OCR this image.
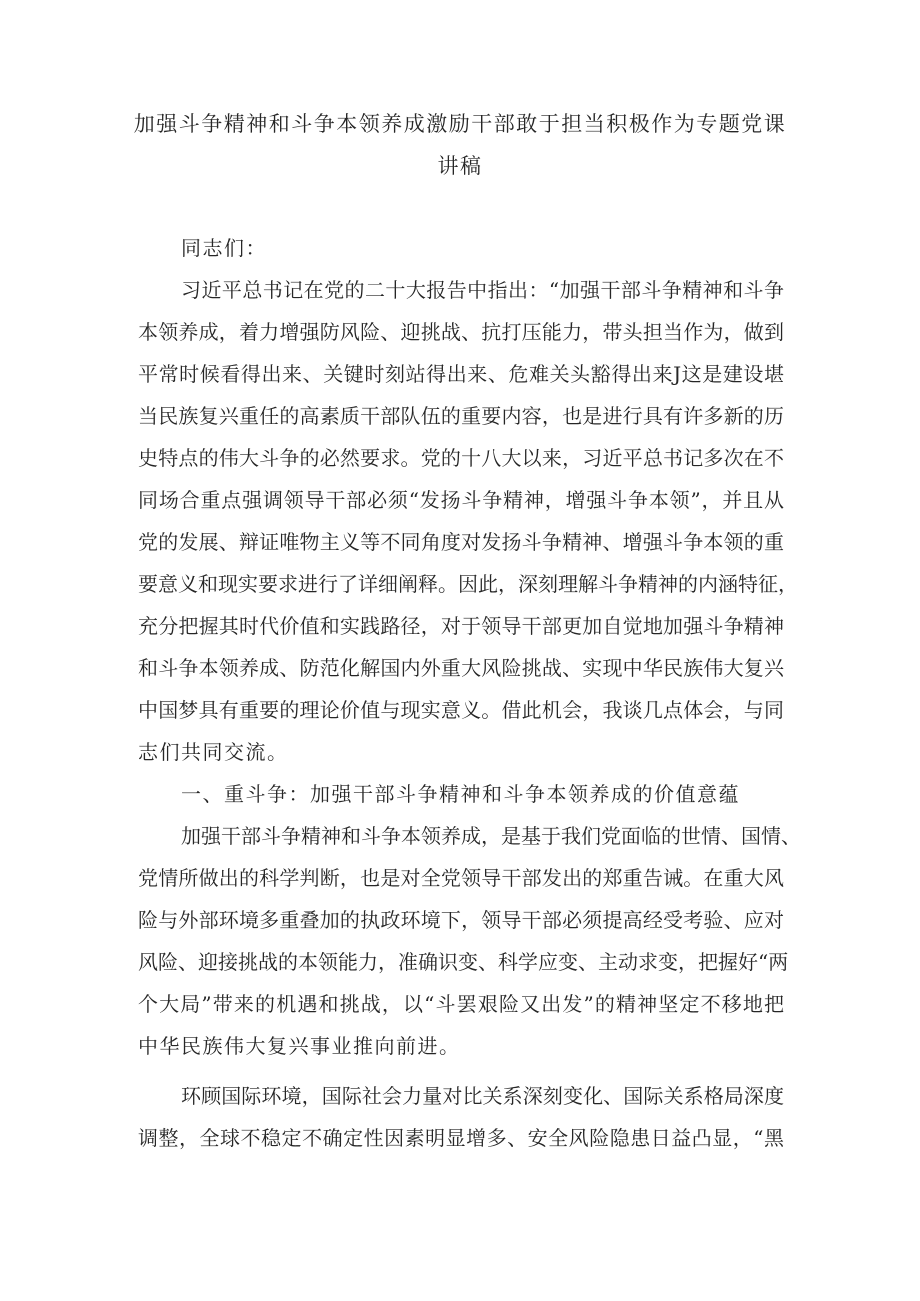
加强斗争精神和斗争本领养成激励干部敢于担当积极作为专题党课
讲稿
同志们：
习近平总书记在党的二十大报告中指出：“加强干部斗争精神和斗争
本领养成，着力增强防风险、迎挑战、抗打压能力，带头担当作为，做到
平常时候看得出来、关键时刻站得出来、危难关头豁得出来J这是建设堪
当民族复兴重任的高素质干部队伍的重要内容，也是进行具有许多新的历
史特点的伟大斗争的必然要求。党的十八大以来，习近平总书记多次在不
同场合重点强调领导干部必须“发扬斗争精神，增强斗争本领”，并且从
党的发展、辩证唯物主义等不同角度对发扬斗争精神、增强斗争本领的重
要意义和现实要求进行了详细阐释。因此，深刻理解斗争精神的内涵特征，
充分把握其时代价值和实践路径，对于领导干部更加自觉地加强斗争精神
和斗争本领养成、防范化解国内外重大风险挑战、实现中华民族伟大复兴
中国梦具有重要的理论价值与现实意义。借此机会，我谈几点体会，与同
志们共同交流。
一、重斗争：加强干部斗争精神和斗争本领养成的价值意蕴
加强干部斗争精神和斗争本领养成，是基于我们党面临的世情、国情、
党情所做出的科学判断，也是对全党领导干部发出的郑重告诫。在重大风
险与外部环境多重叠加的执政环境下，领导干部必须提高经受考验、应对
风险、迎接挑战的本领能力，准确识变、科学应变、主动求变，把握好“两
个大局”带来的机遇和挑战，以“斗罢艰险又出发”的精神坚定不移地把
中华民族伟大复兴事业推向前进。
环顾国际环境，国际社会力量对比关系深刻变化、国际关系格局深度
调整，全球不稳定不确定性因素明显增多、安全风险隐患日益凸显，“黑
